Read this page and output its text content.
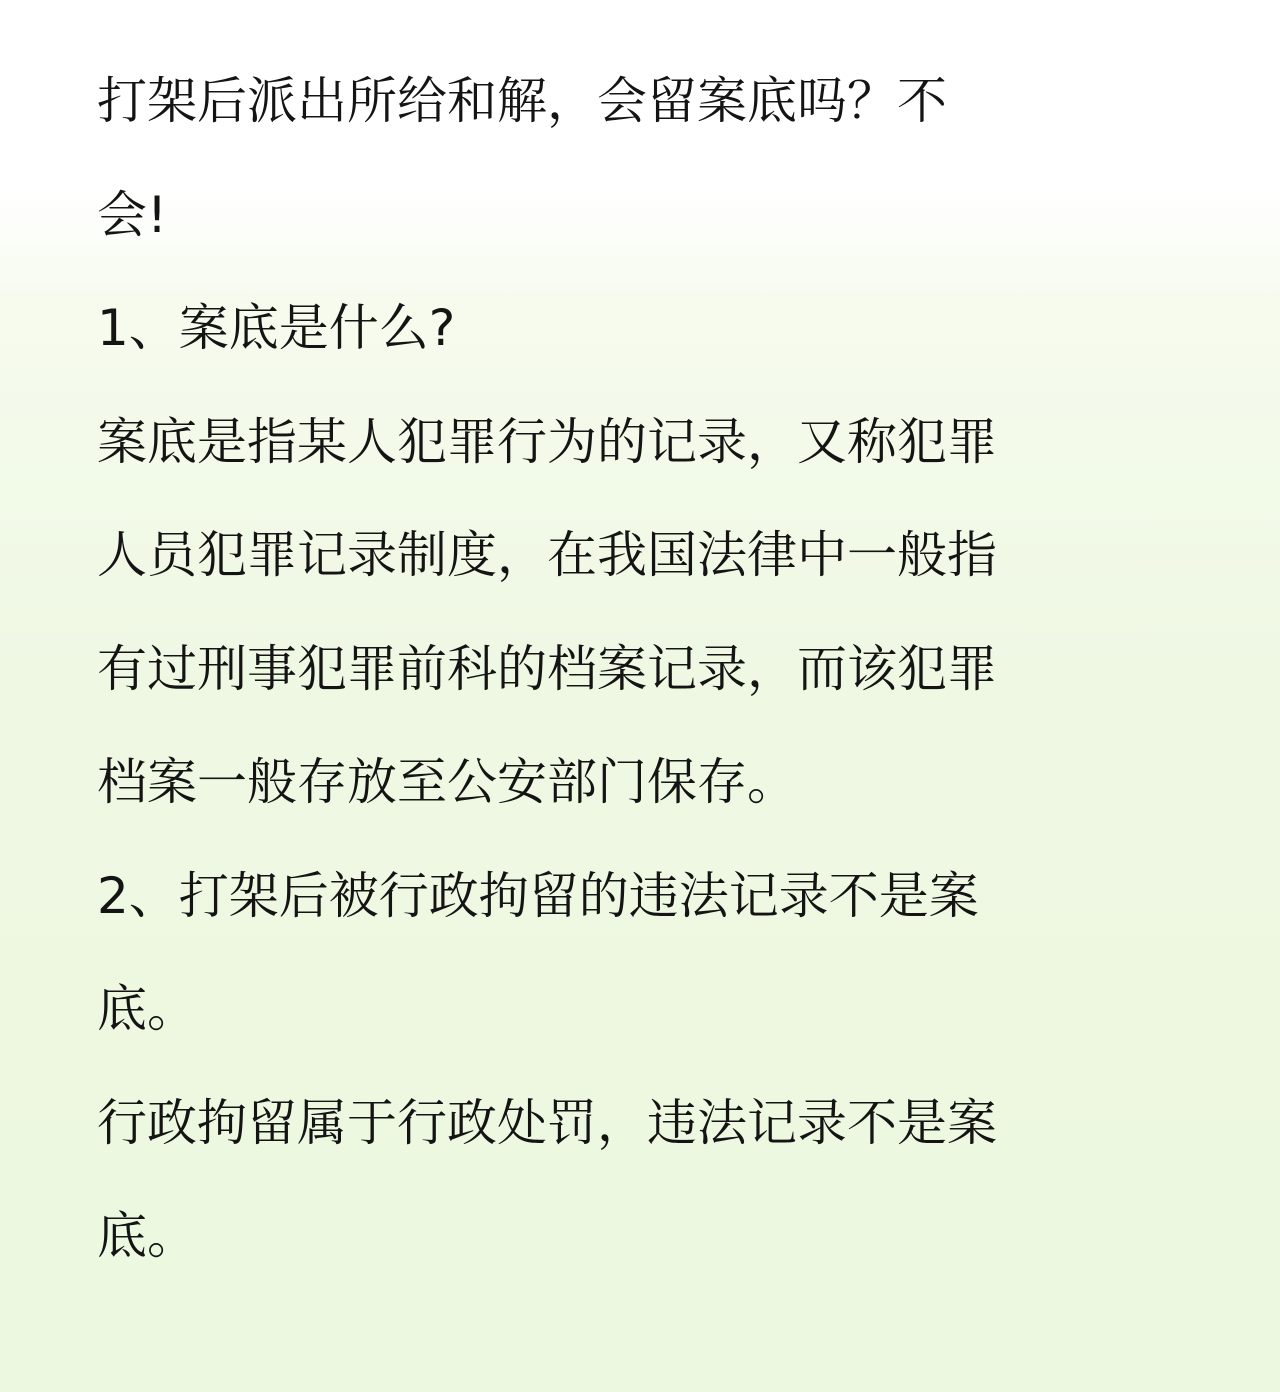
打架后派出所给和解，会留案底吗？不
会!
1、案底是什么?
案底是指某人犯罪行为的记录，又称犯罪
人员犯罪记录制度，在我国法律中一般指
有过刑事犯罪前科的档案记录，而该犯罪
档案一般存放至公安部门保存。
2、打架后被行政拘留的违法记录不是案
底。
行政拘留属于行政处罚，违法记录不是案
底。
